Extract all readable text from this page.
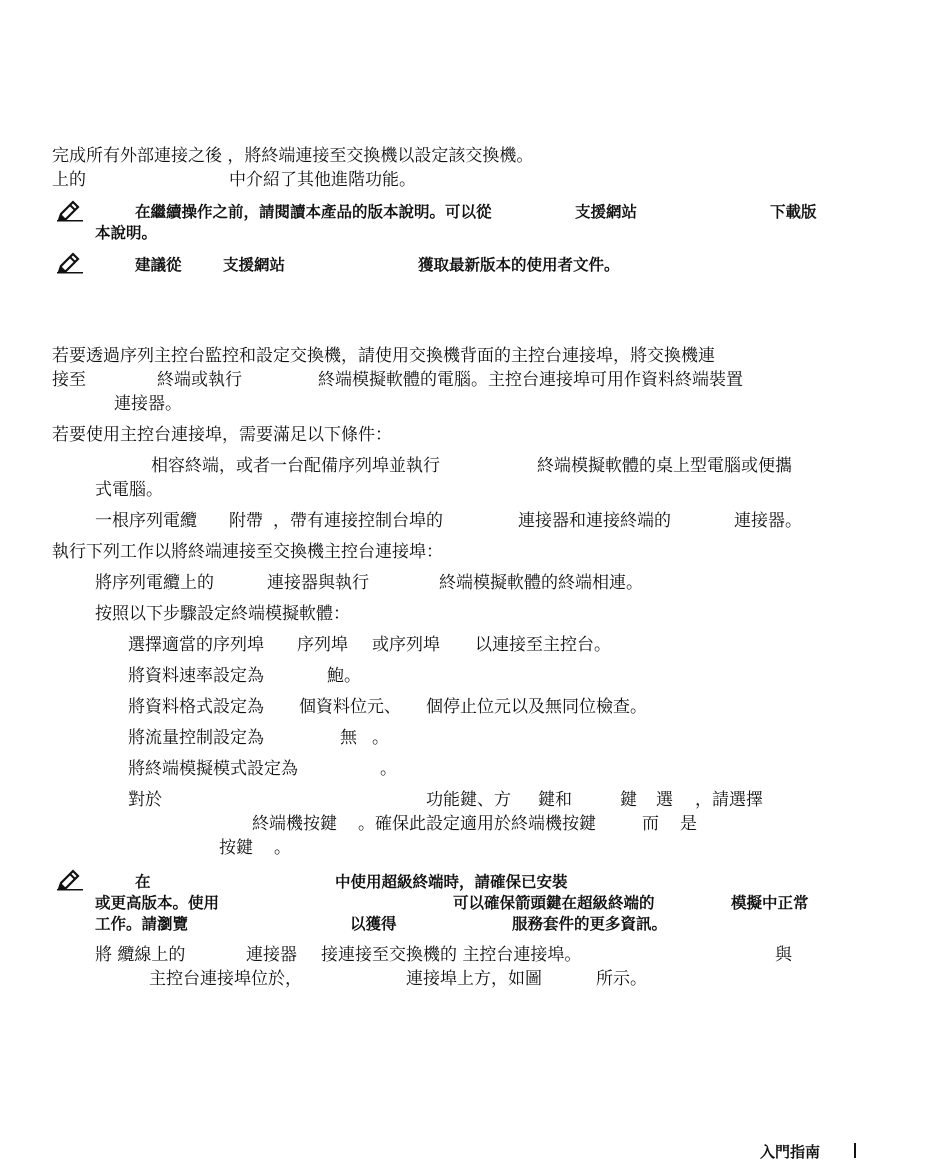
完成所有外部連接之後 ，將終端連接至交換機以設定該交換機。
上的	中介紹了其他進階功能。
在繼續操作之前，請閱讀本產品的版本說明。可以從	支援網站	下載版
本說明。
建議從	支援網站	獲取最新版本的使用者文件。
若要透過序列主控台監控和設定交換機，請使用交換機背面的主控台連接埠，將交換機連
接至	終端或執行	終端模擬軟體的電腦。主控台連接埠可用作資料終端裝置
連接器。
若要使用主控台連接埠，需要滿足以下條件：
相容終端，或者一台配備序列埠並執行	終端模擬軟體的桌上型電腦或便攜
式電腦。
一根序列電纜 附帶 ，帶有連接控制台埠的	連接器和連接終端的	連接器。
執行下列工作以將終端連接至交換機主控台連接埠：
將序列電纜上的	連接器與執行	終端模擬軟體的終端相連。
按照以下步驟設定終端模擬軟體：
選擇適當的序列埠 序列埠 或序列埠 以連接至主控台。
將資料速率設定為	鮑。
將資料格式設定為 個資料位元、 個停止位元以及無同位檢查。
將流量控制設定為	無 。
將終端模擬模式設定為	。
對於	功能鍵、方 鍵和	鍵 選 ，請選擇
終端機按鍵 。確保此設定適用於終端機按鍵	而 是
按鍵 。
在	中使用超級終端時，請確保已安裝
或更高版本。使用	可以確保箭頭鍵在超級終端的	模擬中正常
工作。請瀏覽	以獲得	服務套件的更多資訊。
將 纜線上的	連接器 接連接至交換機的 主控台連接埠。	與
主控台連接埠位於，	連接埠上方，如圖	所示。
入門指南
